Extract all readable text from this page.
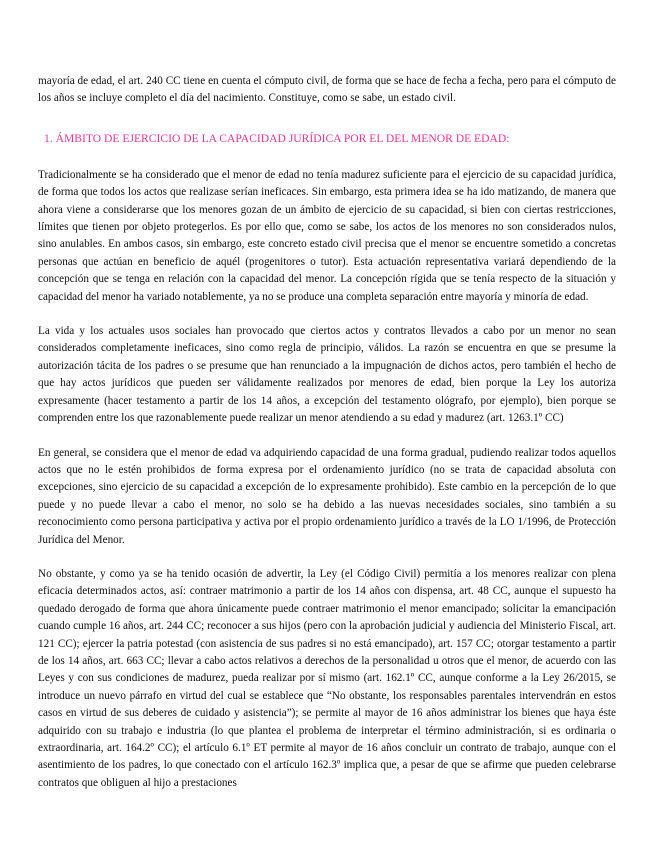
mayoría de edad, el art. 240 CC tiene en cuenta el cómputo civil, de forma que se hace de fecha a fecha, pero para el cómputo de los años se incluye completo el día del nacimiento. Constituye, como se sabe, un estado civil.

1. ÁMBITO DE EJERCICIO DE LA CAPACIDAD JURÍDICA POR EL DEL MENOR DE EDAD:

Tradicionalmente se ha considerado que el menor de edad no tenía madurez suficiente para el ejercicio de su capacidad jurídica, de forma que todos los actos que realizase serían ineficaces. Sin embargo, esta primera idea se ha ido matizando, de manera que ahora viene a considerarse que los menores gozan de un ámbito de ejercicio de su capacidad, si bien con ciertas restricciones, límites que tienen por objeto protegerlos. Es por ello que, como se sabe, los actos de los menores no son considerados nulos, sino anulables. En ambos casos, sin embargo, este concreto estado civil precisa que el menor se encuentre sometido a concretas personas que actúan en beneficio de aquél (progenitores o tutor). Esta actuación representativa variará dependiendo de la concepción que se tenga en relación con la capacidad del menor. La concepción rígida que se tenía respecto de la situación y capacidad del menor ha variado notablemente, ya no se produce una completa separación entre mayoría y minoría de edad.

La vida y los actuales usos sociales han provocado que ciertos actos y contratos llevados a cabo por un menor no sean considerados completamente ineficaces, sino como regla de principio, válidos. La razón se encuentra en que se presume la autorización tácita de los padres o se presume que han renunciado a la impugnación de dichos actos, pero también el hecho de que hay actos jurídicos que pueden ser válidamente realizados por menores de edad, bien porque la Ley los autoriza expresamente (hacer testamento a partir de los 14 años, a excepción del testamento ológrafo, por ejemplo), bien porque se comprenden entre los que razonablemente puede realizar un menor atendiendo a su edad y madurez (art. 1263.1º CC)

En general, se considera que el menor de edad va adquiriendo capacidad de una forma gradual, pudiendo realizar todos aquellos actos que no le estén prohibidos de forma expresa por el ordenamiento jurídico (no se trata de capacidad absoluta con excepciones, sino ejercicio de su capacidad a excepción de lo expresamente prohibido). Este cambio en la percepción de lo que puede y no puede llevar a cabo el menor, no solo se ha debido a las nuevas necesidades sociales, sino también a su reconocimiento como persona participativa y activa por el propio ordenamiento jurídico a través de la LO 1/1996, de Protección Jurídica del Menor.

No obstante, y como ya se ha tenido ocasión de advertir, la Ley (el Código Civil) permitía a los menores realizar con plena eficacia determinados actos, así: contraer matrimonio a partir de los 14 años con dispensa, art. 48 CC, aunque el supuesto ha quedado derogado de forma que ahora únicamente puede contraer matrimonio el menor emancipado; solicitar la emancipación cuando cumple 16 años, art. 244 CC; reconocer a sus hijos (pero con la aprobación judicial y audiencia del Ministerio Fiscal, art. 121 CC); ejercer la patria potestad (con asistencia de sus padres si no está emancipado), art. 157 CC; otorgar testamento a partir de los 14 años, art. 663 CC; llevar a cabo actos relativos a derechos de la personalidad u otros que el menor, de acuerdo con las Leyes y con sus condiciones de madurez, pueda realizar por sí mismo (art. 162.1º CC, aunque conforme a la Ley 26/2015, se introduce un nuevo párrafo en virtud del cual se establece que “No obstante, los responsables parentales intervendrán en estos casos en virtud de sus deberes de cuidado y asistencia”); se permite al mayor de 16 años administrar los bienes que haya éste adquirido con su trabajo e industria (lo que plantea el problema de interpretar el término administración, si es ordinaria o extraordinaria, art. 164.2º CC); el artículo 6.1º ET permite al mayor de 16 años concluir un contrato de trabajo, aunque con el asentimiento de los padres, lo que conectado con el artículo 162.3º implica que, a pesar de que se afirme que pueden celebrarse contratos que obliguen al hijo a prestaciones
